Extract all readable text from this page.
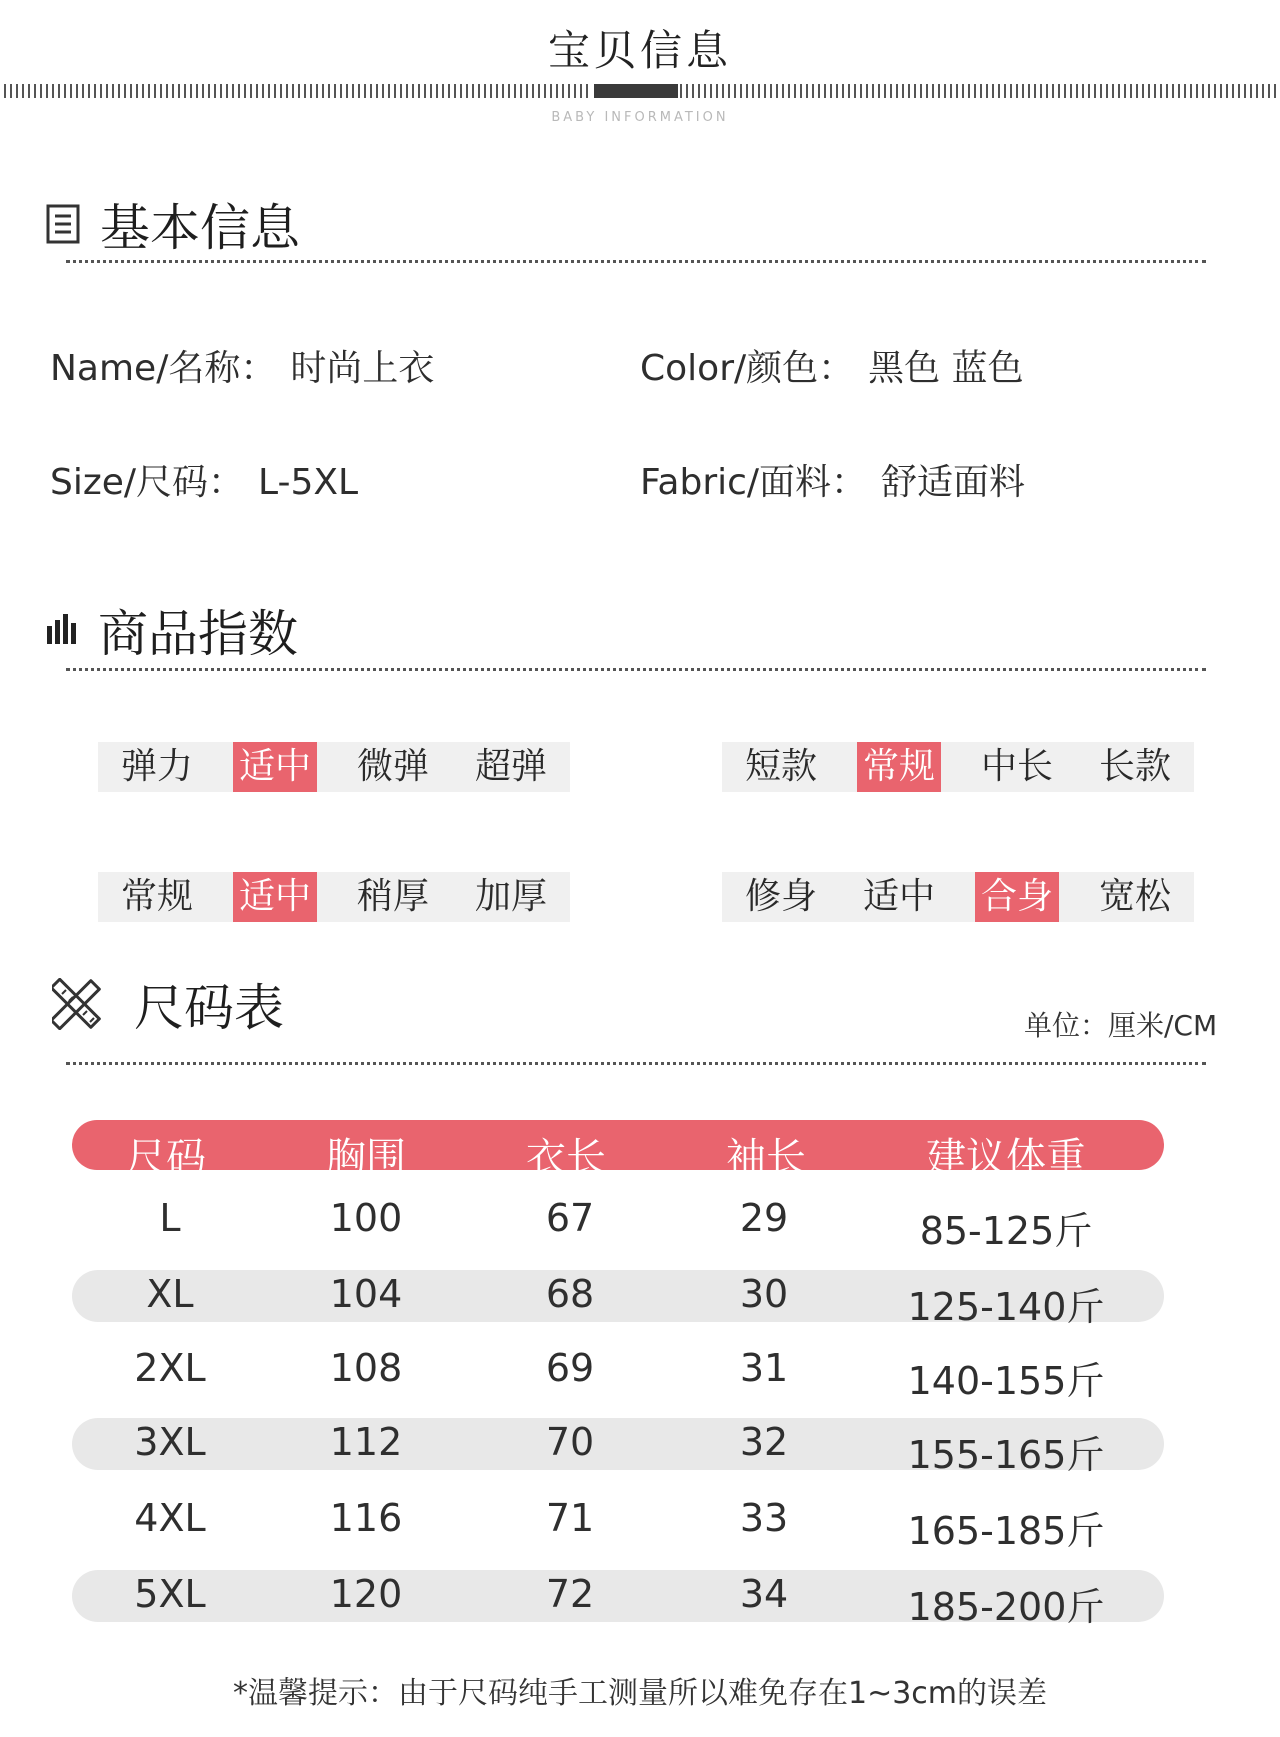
宝贝信息
BABY INFORMATION
基本信息
Name/名称： 时尚上衣	Color/颜色： 黑色 蓝色
Size/尺码： L-5XL	Fabric/面料： 舒适面料
商品指数
弹力	适中	微弹	超弹	短款	常规	中长	长款
常规	适中	稍厚	加厚	修身	适中	合身	宽松
尺码表	单位：厘米/CM
尺码	胸围	衣长	袖长	建议体重
L	100	67	29	85-125斤
XL	104	68	30	125-140斤
2XL	108	69	31	140-155斤
3XL	112	70	32	155-165斤
4XL	116	71	33	165-185斤
5XL	120	72	34	185-200斤
*温馨提示：由于尺码纯手工测量所以难免存在1~3cm的误差
